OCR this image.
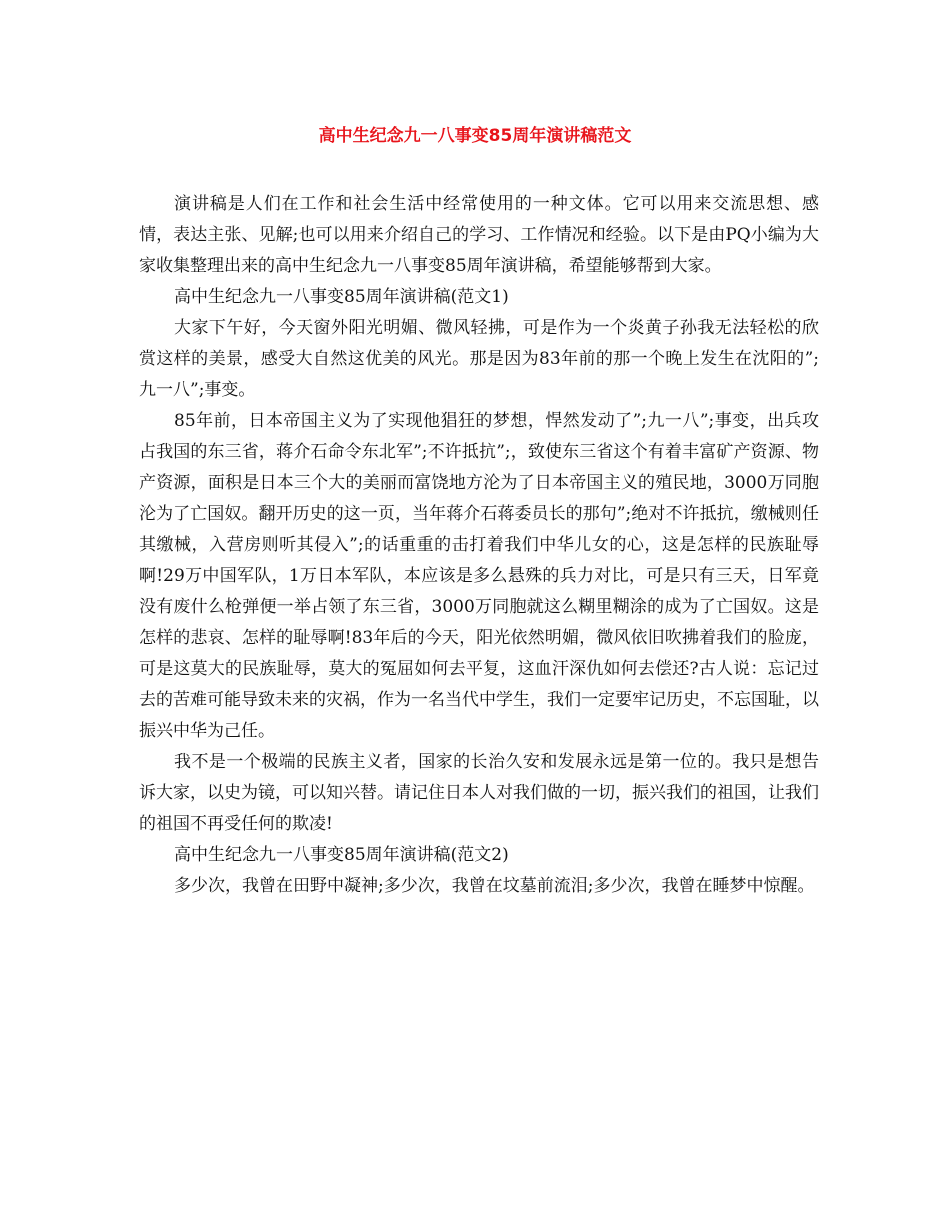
高中生纪念九一八事变85周年演讲稿范文

演讲稿是人们在工作和社会生活中经常使用的一种文体。它可以用来交流思想、感情，表达主张、见解;也可以用来介绍自己的学习、工作情况和经验。以下是由PQ小编为大家收集整理出来的高中生纪念九一八事变85周年演讲稿，希望能够帮到大家。

高中生纪念九一八事变85周年演讲稿(范文1)

大家下午好，今天窗外阳光明媚、微风轻拂，可是作为一个炎黄子孙我无法轻松的欣赏这样的美景，感受大自然这优美的风光。那是因为83年前的那一个晚上发生在沈阳的”;九一八”;事变。

85年前，日本帝国主义为了实现他猖狂的梦想，悍然发动了”;九一八”;事变，出兵攻占我国的东三省，蒋介石命令东北军”;不许抵抗”;，致使东三省这个有着丰富矿产资源、物产资源，面积是日本三个大的美丽而富饶地方沦为了日本帝国主义的殖民地，3000万同胞沦为了亡国奴。翻开历史的这一页，当年蒋介石蒋委员长的那句”;绝对不许抵抗，缴械则任其缴械，入营房则听其侵入”;的话重重的击打着我们中华儿女的心，这是怎样的民族耻辱啊!29万中国军队，1万日本军队，本应该是多么悬殊的兵力对比，可是只有三天，日军竟没有废什么枪弹便一举占领了东三省，3000万同胞就这么糊里糊涂的成为了亡国奴。这是怎样的悲哀、怎样的耻辱啊!83年后的今天，阳光依然明媚，微风依旧吹拂着我们的脸庞，可是这莫大的民族耻辱，莫大的冤屈如何去平复，这血汗深仇如何去偿还?古人说：忘记过去的苦难可能导致未来的灾祸，作为一名当代中学生，我们一定要牢记历史，不忘国耻，以振兴中华为己任。

我不是一个极端的民族主义者，国家的长治久安和发展永远是第一位的。我只是想告诉大家，以史为镜，可以知兴替。请记住日本人对我们做的一切，振兴我们的祖国，让我们的祖国不再受任何的欺凌!

高中生纪念九一八事变85周年演讲稿(范文2)

多少次，我曾在田野中凝神;多少次，我曾在坟墓前流泪;多少次，我曾在睡梦中惊醒。
